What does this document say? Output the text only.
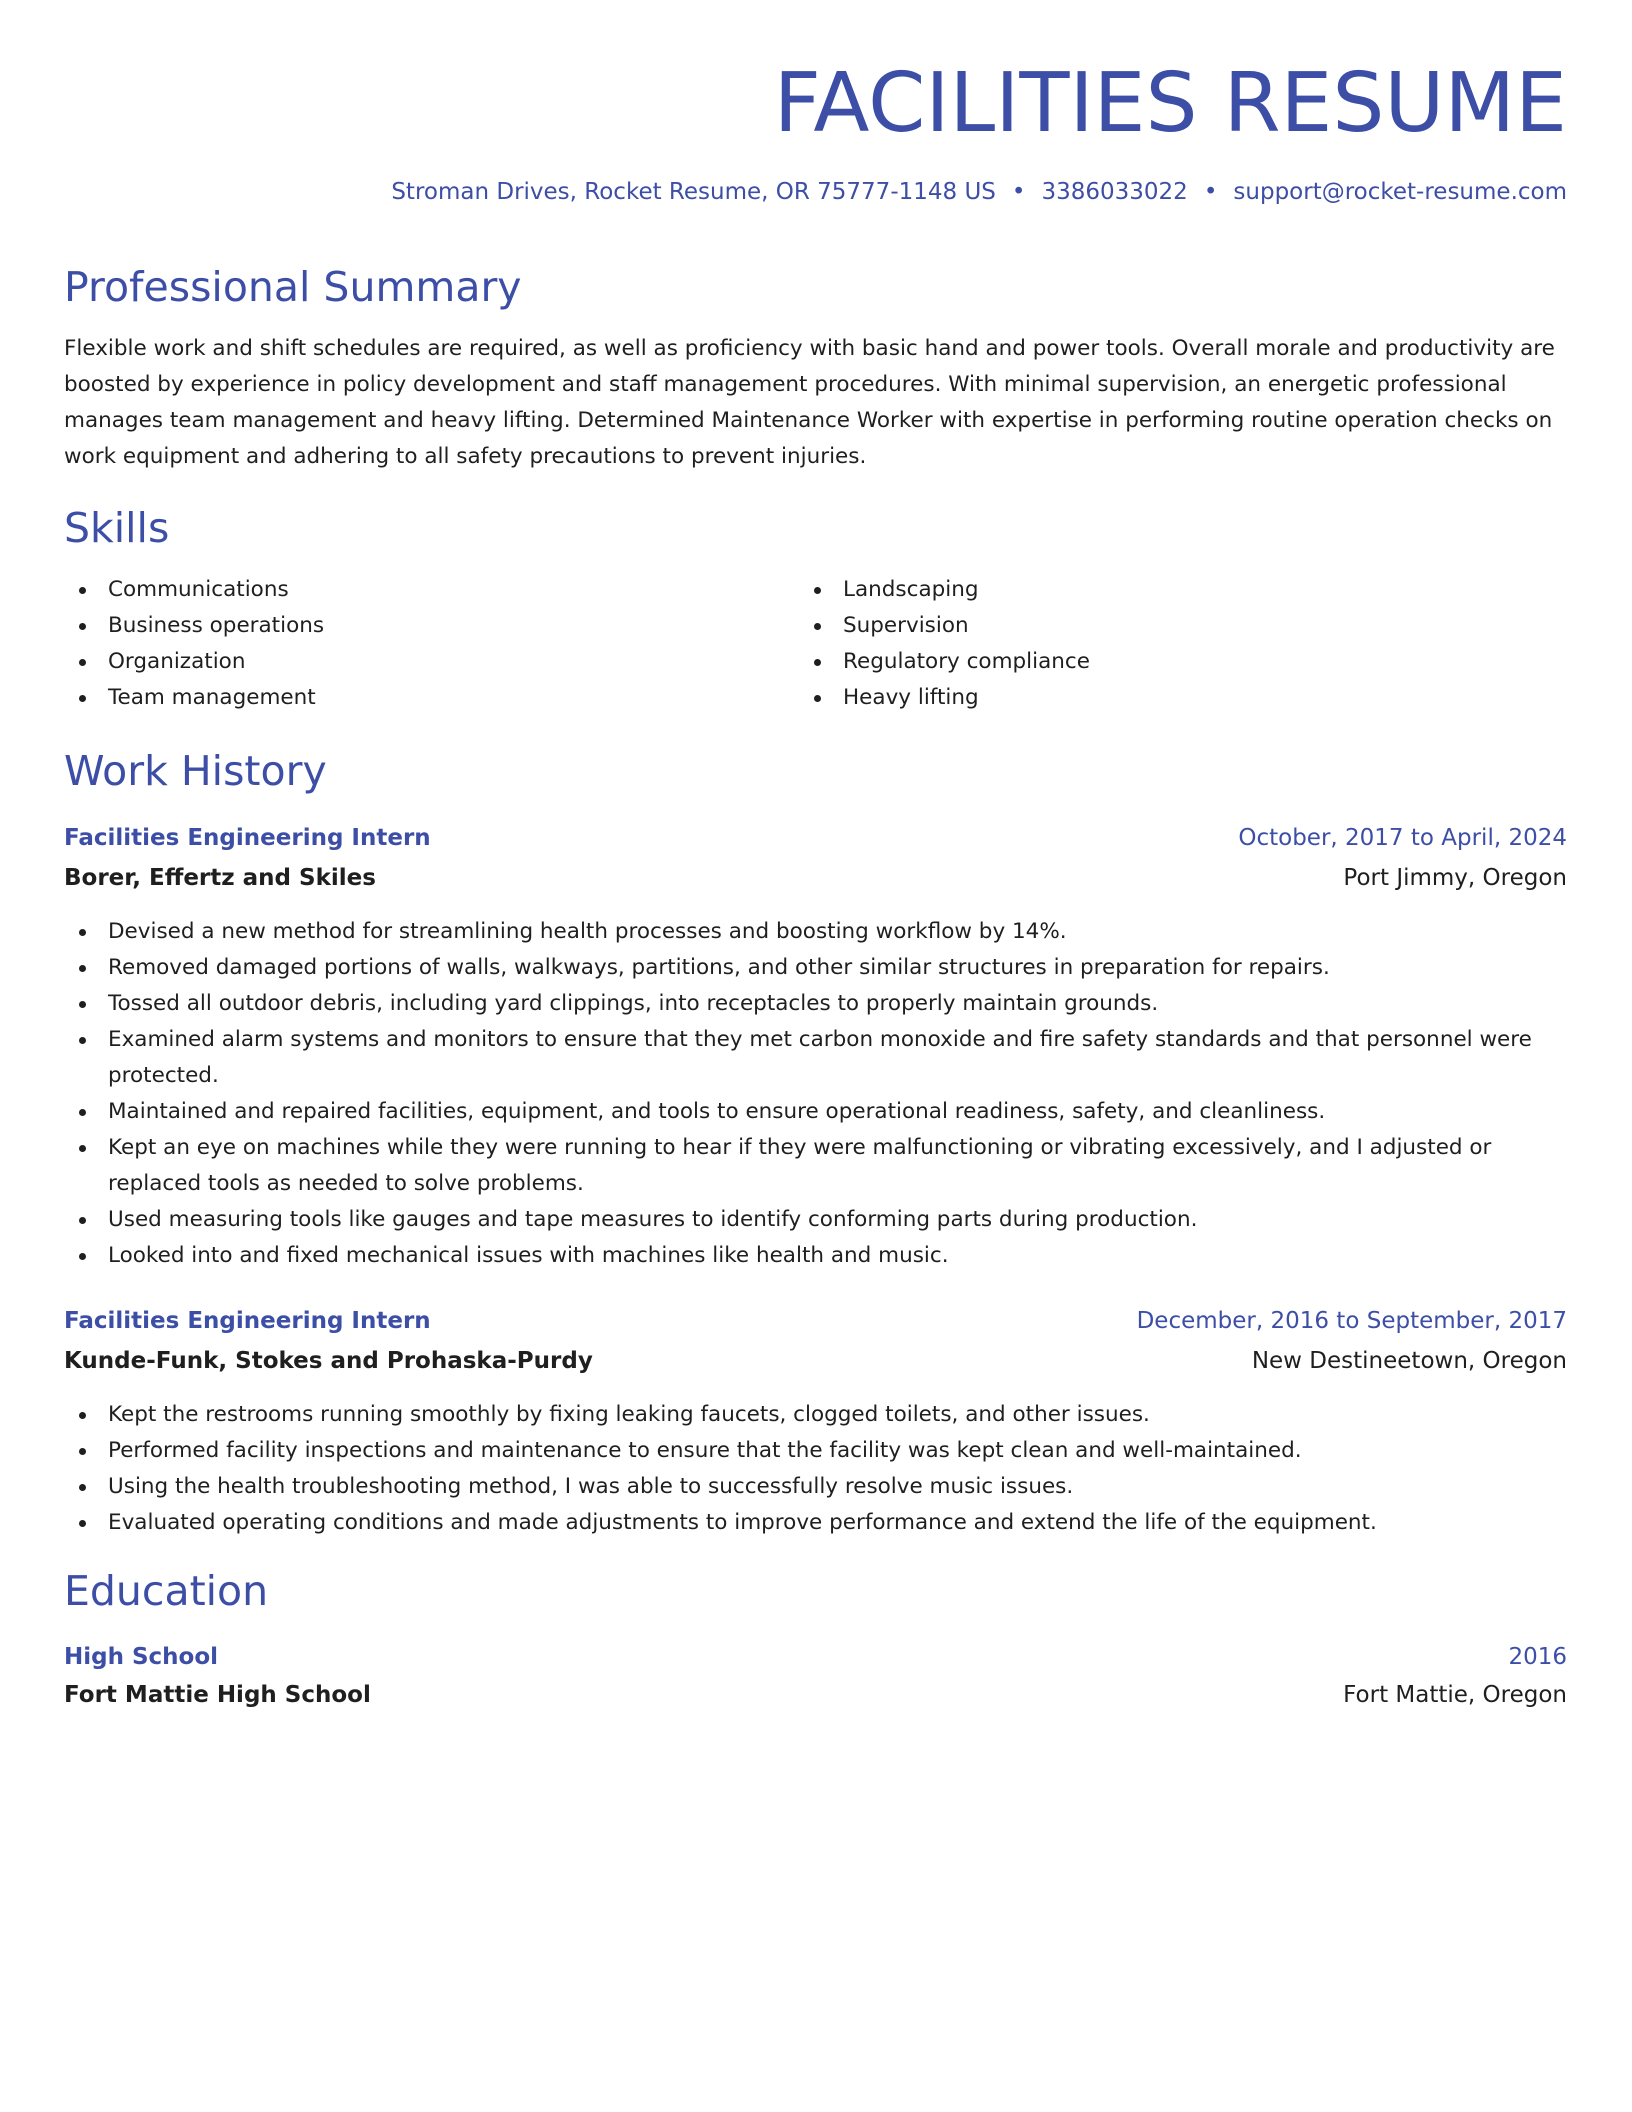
FACILITIES RESUME
Stroman Drives, Rocket Resume, OR 75777-1148 US • 3386033022 • support@rocket-resume.com
Professional Summary

Flexible work and shift schedules are required, as well as proficiency with basic hand and power tools. Overall morale and productivity are boosted by experience in policy development and staff management procedures. With minimal supervision, an energetic professional manages team management and heavy lifting. Determined Maintenance Worker with expertise in performing routine operation checks on work equipment and adhering to all safety precautions to prevent injuries.

Skills
Communications
Business operations
Organization
Team management
Landscaping
Supervision
Regulatory compliance
Heavy lifting
Work History
Facilities Engineering Intern	October, 2017 to April, 2024
Borer, Effertz and Skiles	Port Jimmy, Oregon
Devised a new method for streamlining health processes and boosting workflow by 14%.
Removed damaged portions of walls, walkways, partitions, and other similar structures in preparation for repairs.
Tossed all outdoor debris, including yard clippings, into receptacles to properly maintain grounds.
Examined alarm systems and monitors to ensure that they met carbon monoxide and fire safety standards and that personnel were protected.
Maintained and repaired facilities, equipment, and tools to ensure operational readiness, safety, and cleanliness.
Kept an eye on machines while they were running to hear if they were malfunctioning or vibrating excessively, and I adjusted or replaced tools as needed to solve problems.
Used measuring tools like gauges and tape measures to identify conforming parts during production.
Looked into and fixed mechanical issues with machines like health and music.
Facilities Engineering Intern	December, 2016 to September, 2017
Kunde-Funk, Stokes and Prohaska-Purdy	New Destineetown, Oregon
Kept the restrooms running smoothly by fixing leaking faucets, clogged toilets, and other issues.
Performed facility inspections and maintenance to ensure that the facility was kept clean and well-maintained.
Using the health troubleshooting method, I was able to successfully resolve music issues.
Evaluated operating conditions and made adjustments to improve performance and extend the life of the equipment.
Education
High School	2016
Fort Mattie High School	Fort Mattie, Oregon
